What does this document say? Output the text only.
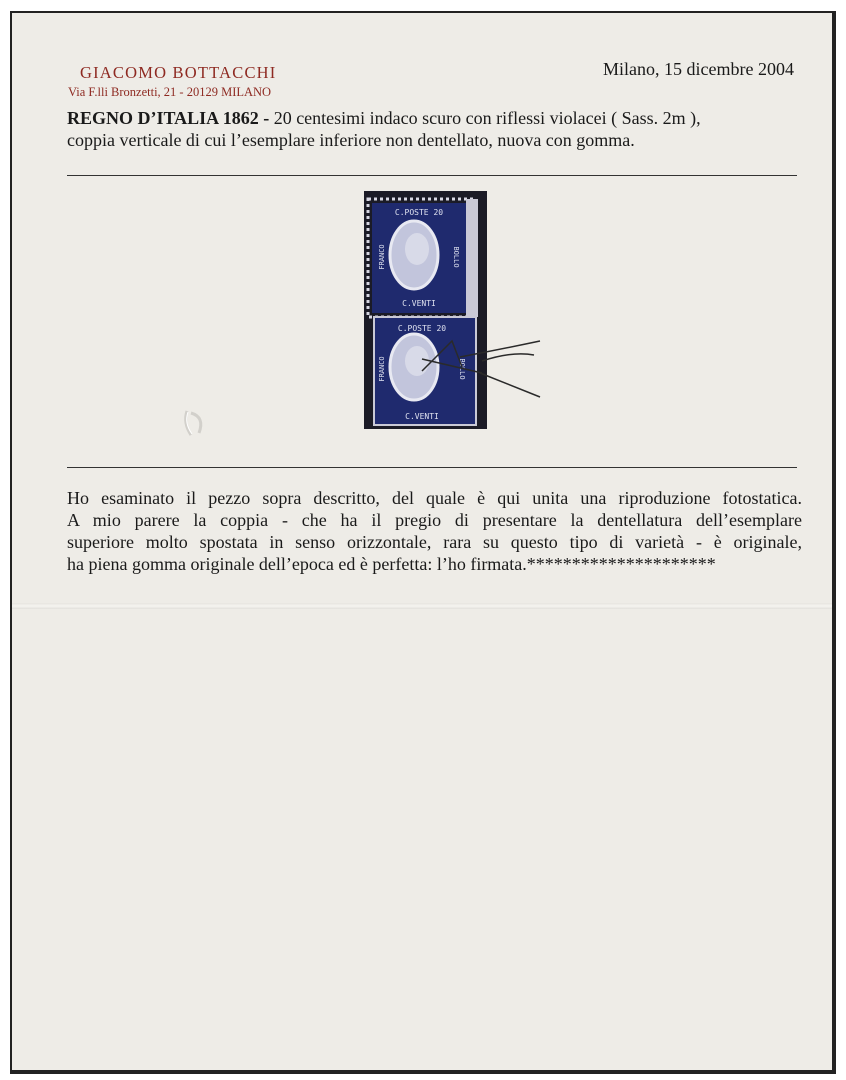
GIACOMO BOTTACCHI
Via F.lli Bronzetti, 21 - 20129 MILANO
Milano, 15 dicembre 2004
REGNO D’ITALIA 1862 - 20 centesimi indaco scuro con riflessi violacei ( Sass. 2m ),
coppia verticale di cui l’esemplare inferiore non dentellato, nuova con gomma.
C.POSTE 20
C.VENTI
FRANCO	BOLLO
C.POSTE 20
C.VENTI
FRANCO	BOLLO

Ho esaminato il pezzo sopra descritto, del quale è qui unita una riproduzione fotostatica.

A mio parere la coppia - che ha il pregio di presentare la dentellatura dell’esemplare

superiore molto spostata in senso orizzontale, rara su questo tipo di varietà - è originale,

ha piena gomma originale dell’epoca ed è perfetta: l’ho firmata.*********************
